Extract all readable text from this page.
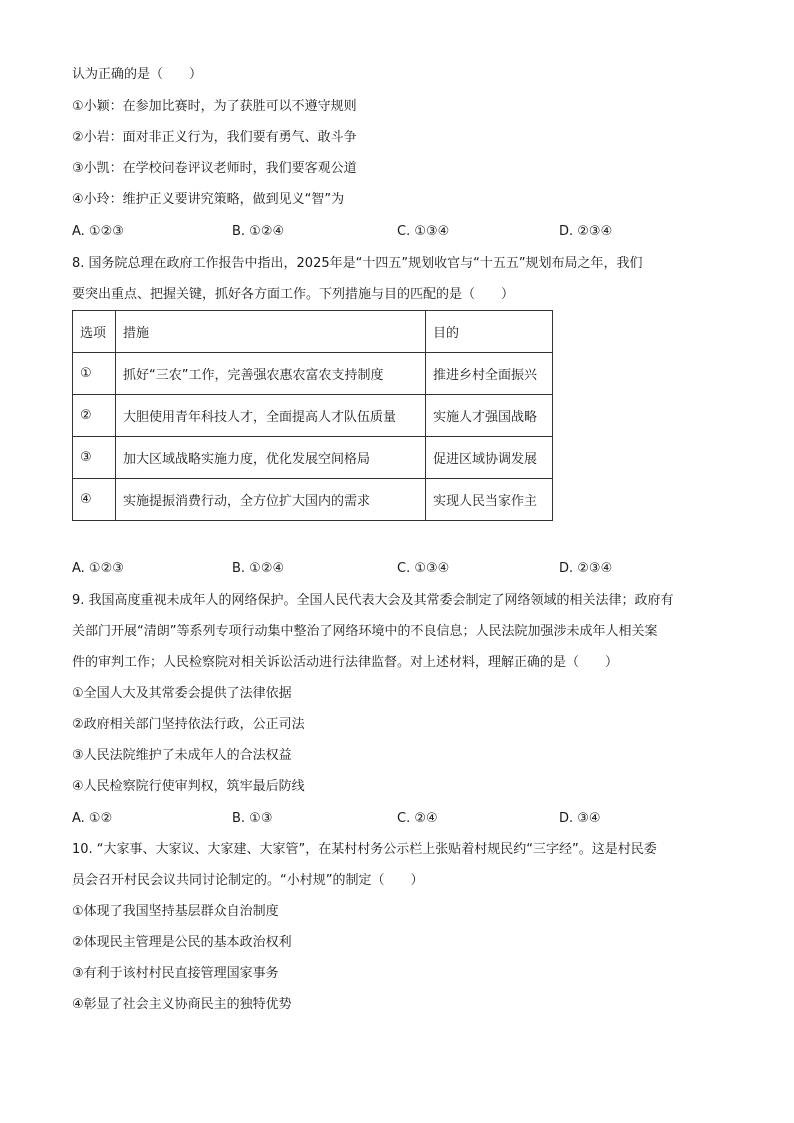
认为正确的是（　　）
①小颖：在参加比赛时，为了获胜可以不遵守规则
②小岩：面对非正义行为，我们要有勇气、敢斗争
③小凯：在学校问卷评议老师时，我们要客观公道
④小玲：维护正义要讲究策略，做到见义“智”为
A. ①②③	B. ①②④	C. ①③④	D. ②③④
8. 国务院总理在政府工作报告中指出，2025年是“十四五”规划收官与“十五五”规划布局之年，我们
要突出重点、把握关键，抓好各方面工作。下列措施与目的匹配的是（　　）
选项	措施	目的
①	抓好“三农”工作，完善强农惠农富农支持制度	推进乡村全面振兴
②	大胆使用青年科技人才，全面提高人才队伍质量	实施人才强国战略
③	加大区域战略实施力度，优化发展空间格局	促进区域协调发展
④	实施提振消费行动，全方位扩大国内的需求	实现人民当家作主
A. ①②③	B. ①②④	C. ①③④	D. ②③④
9. 我国高度重视未成年人的网络保护。全国人民代表大会及其常委会制定了网络领域的相关法律；政府有
关部门开展“清朗”等系列专项行动集中整治了网络环境中的不良信息；人民法院加强涉未成年人相关案
件的审判工作；人民检察院对相关诉讼活动进行法律监督。对上述材料，理解正确的是（　　）
①全国人大及其常委会提供了法律依据
②政府相关部门坚持依法行政，公正司法
③人民法院维护了未成年人的合法权益
④人民检察院行使审判权，筑牢最后防线
A. ①②	B. ①③	C. ②④	D. ③④
10. “大家事、大家议、大家建、大家管”，在某村村务公示栏上张贴着村规民约“三字经”。这是村民委
员会召开村民会议共同讨论制定的。“小村规”的制定（　　）
①体现了我国坚持基层群众自治制度
②体现民主管理是公民的基本政治权利
③有利于该村村民直接管理国家事务
④彰显了社会主义协商民主的独特优势
